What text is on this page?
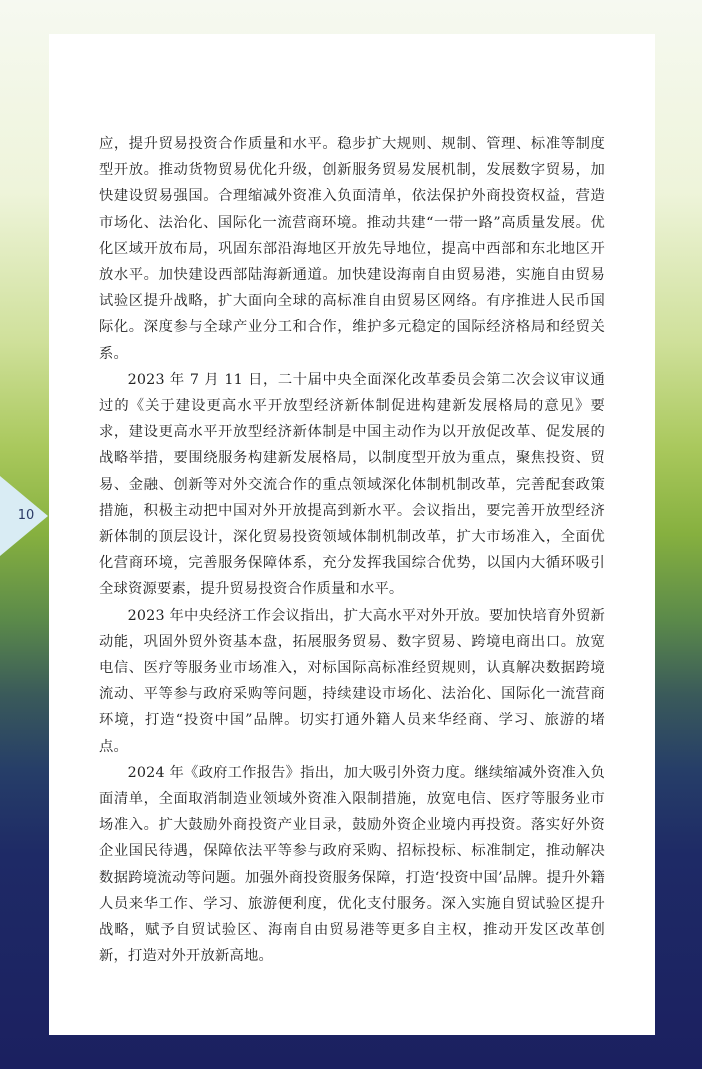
10

应，提升贸易投资合作质量和水平。稳步扩大规则、规制、管理、标准等制度型开放。推动货物贸易优化升级，创新服务贸易发展机制，发展数字贸易，加快建设贸易强国。合理缩减外资准入负面清单，依法保护外商投资权益，营造市场化、法治化、国际化一流营商环境。推动共建“一带一路”高质量发展。优化区域开放布局，巩固东部沿海地区开放先导地位，提高中西部和东北地区开放水平。加快建设西部陆海新通道。加快建设海南自由贸易港，实施自由贸易试验区提升战略，扩大面向全球的高标准自由贸易区网络。有序推进人民币国际化。深度参与全球产业分工和合作，维护多元稳定的国际经济格局和经贸关系。

2023 年 7 月 11 日，二十届中央全面深化改革委员会第二次会议审议通过的《关于建设更高水平开放型经济新体制促进构建新发展格局的意见》要求，建设更高水平开放型经济新体制是中国主动作为以开放促改革、促发展的战略举措，要围绕服务构建新发展格局，以制度型开放为重点，聚焦投资、贸易、金融、创新等对外交流合作的重点领域深化体制机制改革，完善配套政策措施，积极主动把中国对外开放提高到新水平。会议指出，要完善开放型经济新体制的顶层设计，深化贸易投资领域体制机制改革，扩大市场准入，全面优化营商环境，完善服务保障体系，充分发挥我国综合优势，以国内大循环吸引全球资源要素，提升贸易投资合作质量和水平。

2023 年中央经济工作会议指出，扩大高水平对外开放。要加快培育外贸新动能，巩固外贸外资基本盘，拓展服务贸易、数字贸易、跨境电商出口。放宽电信、医疗等服务业市场准入，对标国际高标准经贸规则，认真解决数据跨境流动、平等参与政府采购等问题，持续建设市场化、法治化、国际化一流营商环境，打造“投资中国”品牌。切实打通外籍人员来华经商、学习、旅游的堵点。

2024 年《政府工作报告》指出，加大吸引外资力度。继续缩减外资准入负面清单，全面取消制造业领域外资准入限制措施，放宽电信、医疗等服务业市场准入。扩大鼓励外商投资产业目录，鼓励外资企业境内再投资。落实好外资企业国民待遇，保障依法平等参与政府采购、招标投标、标准制定，推动解决数据跨境流动等问题。加强外商投资服务保障，打造‘投资中国’品牌。提升外籍人员来华工作、学习、旅游便利度，优化支付服务。深入实施自贸试验区提升战略，赋予自贸试验区、海南自由贸易港等更多自主权，推动开发区改革创新，打造对外开放新高地。
